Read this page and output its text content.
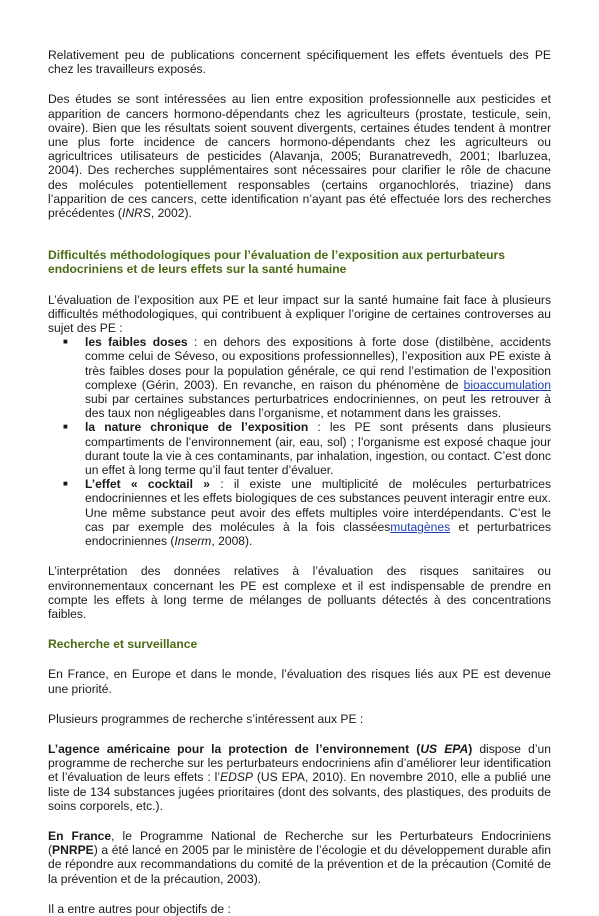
Relativement peu de publications concernent spécifiquement les effets éventuels des PE chez les travailleurs exposés.

Des études se sont intéressées au lien entre exposition professionnelle aux pesticides et apparition de cancers hormono-dépendants chez les agriculteurs (prostate, testicule, sein, ovaire). Bien que les résultats soient souvent divergents, certaines études tendent à montrer une plus forte incidence de cancers hormono-dépendants chez les agriculteurs ou agricultrices utilisateurs de pesticides (Alavanja, 2005; Buranatrevedh, 2001; Ibarluzea, 2004). Des recherches supplémentaires sont nécessaires pour clarifier le rôle de chacune des molécules potentiellement responsables (certains organochlorés, triazine) dans l’apparition de ces cancers, cette identification n’ayant pas été effectuée lors des recherches précédentes (INRS, 2002).

Difficultés méthodologiques pour l’évaluation de l’exposition aux perturbateurs endocriniens et de leurs effets sur la santé humaine

L’évaluation de l’exposition aux PE et leur impact sur la santé humaine fait face à plusieurs difficultés méthodologiques, qui contribuent à expliquer l’origine de certaines controverses au sujet des PE :

■ les faibles doses : en dehors des expositions à forte dose (distilbène, accidents comme celui de Séveso, ou expositions professionnelles), l’exposition aux PE existe à très faibles doses pour la population générale, ce qui rend l’estimation de l’exposition complexe (Gérin, 2003). En revanche, en raison du phénomène de bioaccumulation subi par certaines substances perturbatrices endocriniennes, on peut les retrouver à des taux non négligeables dans l’organisme, et notamment dans les graisses.
■ la nature chronique de l’exposition : les PE sont présents dans plusieurs compartiments de l’environnement (air, eau, sol) ; l’organisme est exposé chaque jour durant toute la vie à ces contaminants, par inhalation, ingestion, ou contact. C’est donc un effet à long terme qu’il faut tenter d’évaluer.
■ L’effet « cocktail » : il existe une multiplicité de molécules perturbatrices endocriniennes et les effets biologiques de ces substances peuvent interagir entre eux. Une même substance peut avoir des effets multiples voire interdépendants. C’est le cas par exemple des molécules à la fois classéesmutagènes et perturbatrices endocriniennes (Inserm, 2008).

L’interprétation des données relatives à l’évaluation des risques sanitaires ou environnementaux concernant les PE est complexe et il est indispensable de prendre en compte les effets à long terme de mélanges de polluants détectés à des concentrations faibles.

Recherche et surveillance

En France, en Europe et dans le monde, l’évaluation des risques liés aux PE est devenue une priorité.

Plusieurs programmes de recherche s’intéressent aux PE :

L’agence américaine pour la protection de l’environnement (US EPA) dispose d’un programme de recherche sur les perturbateurs endocriniens afin d’améliorer leur identification et l’évaluation de leurs effets : l’EDSP (US EPA, 2010). En novembre 2010, elle a publié une liste de 134 substances jugées prioritaires (dont des solvants, des plastiques, des produits de soins corporels, etc.).

En France, le Programme National de Recherche sur les Perturbateurs Endocriniens (PNRPE) a été lancé en 2005 par le ministère de l’écologie et du développement durable afin de répondre aux recommandations du comité de la prévention et de la précaution (Comité de la prévention et de la précaution, 2003).

Il a entre autres pour objectifs de :
